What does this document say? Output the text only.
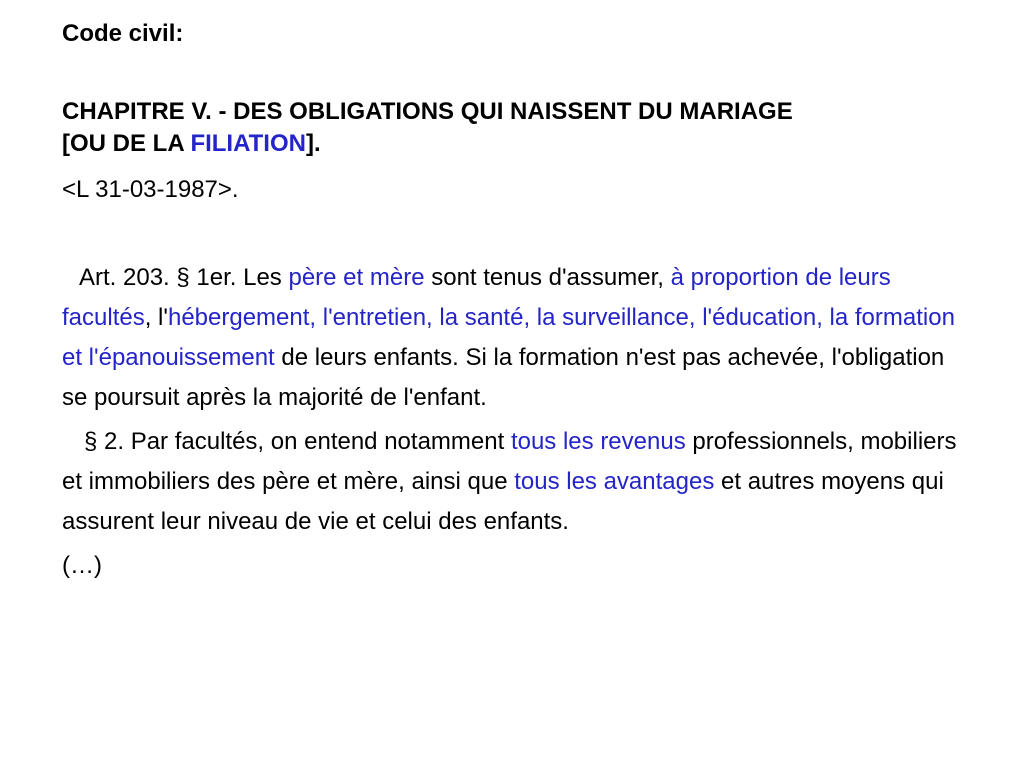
Code civil:

CHAPITRE V. - DES OBLIGATIONS QUI NAISSENT DU MARIAGE

[OU DE LA FILIATION].

<L 31-03-1987>.

Art. 203. § 1er. Les père et mère sont tenus d'assumer, à proportion de leurs facultés, l'hébergement, l'entretien, la santé, la surveillance, l'éducation, la formation et l'épanouissement de leurs enfants. Si la formation n'est pas achevée, l'obligation se poursuit après la majorité de l'enfant.

§ 2. Par facultés, on entend notamment tous les revenus professionnels, mobiliers et immobiliers des père et mère, ainsi que tous les avantages et autres moyens qui assurent leur niveau de vie et celui des enfants.

(…)
